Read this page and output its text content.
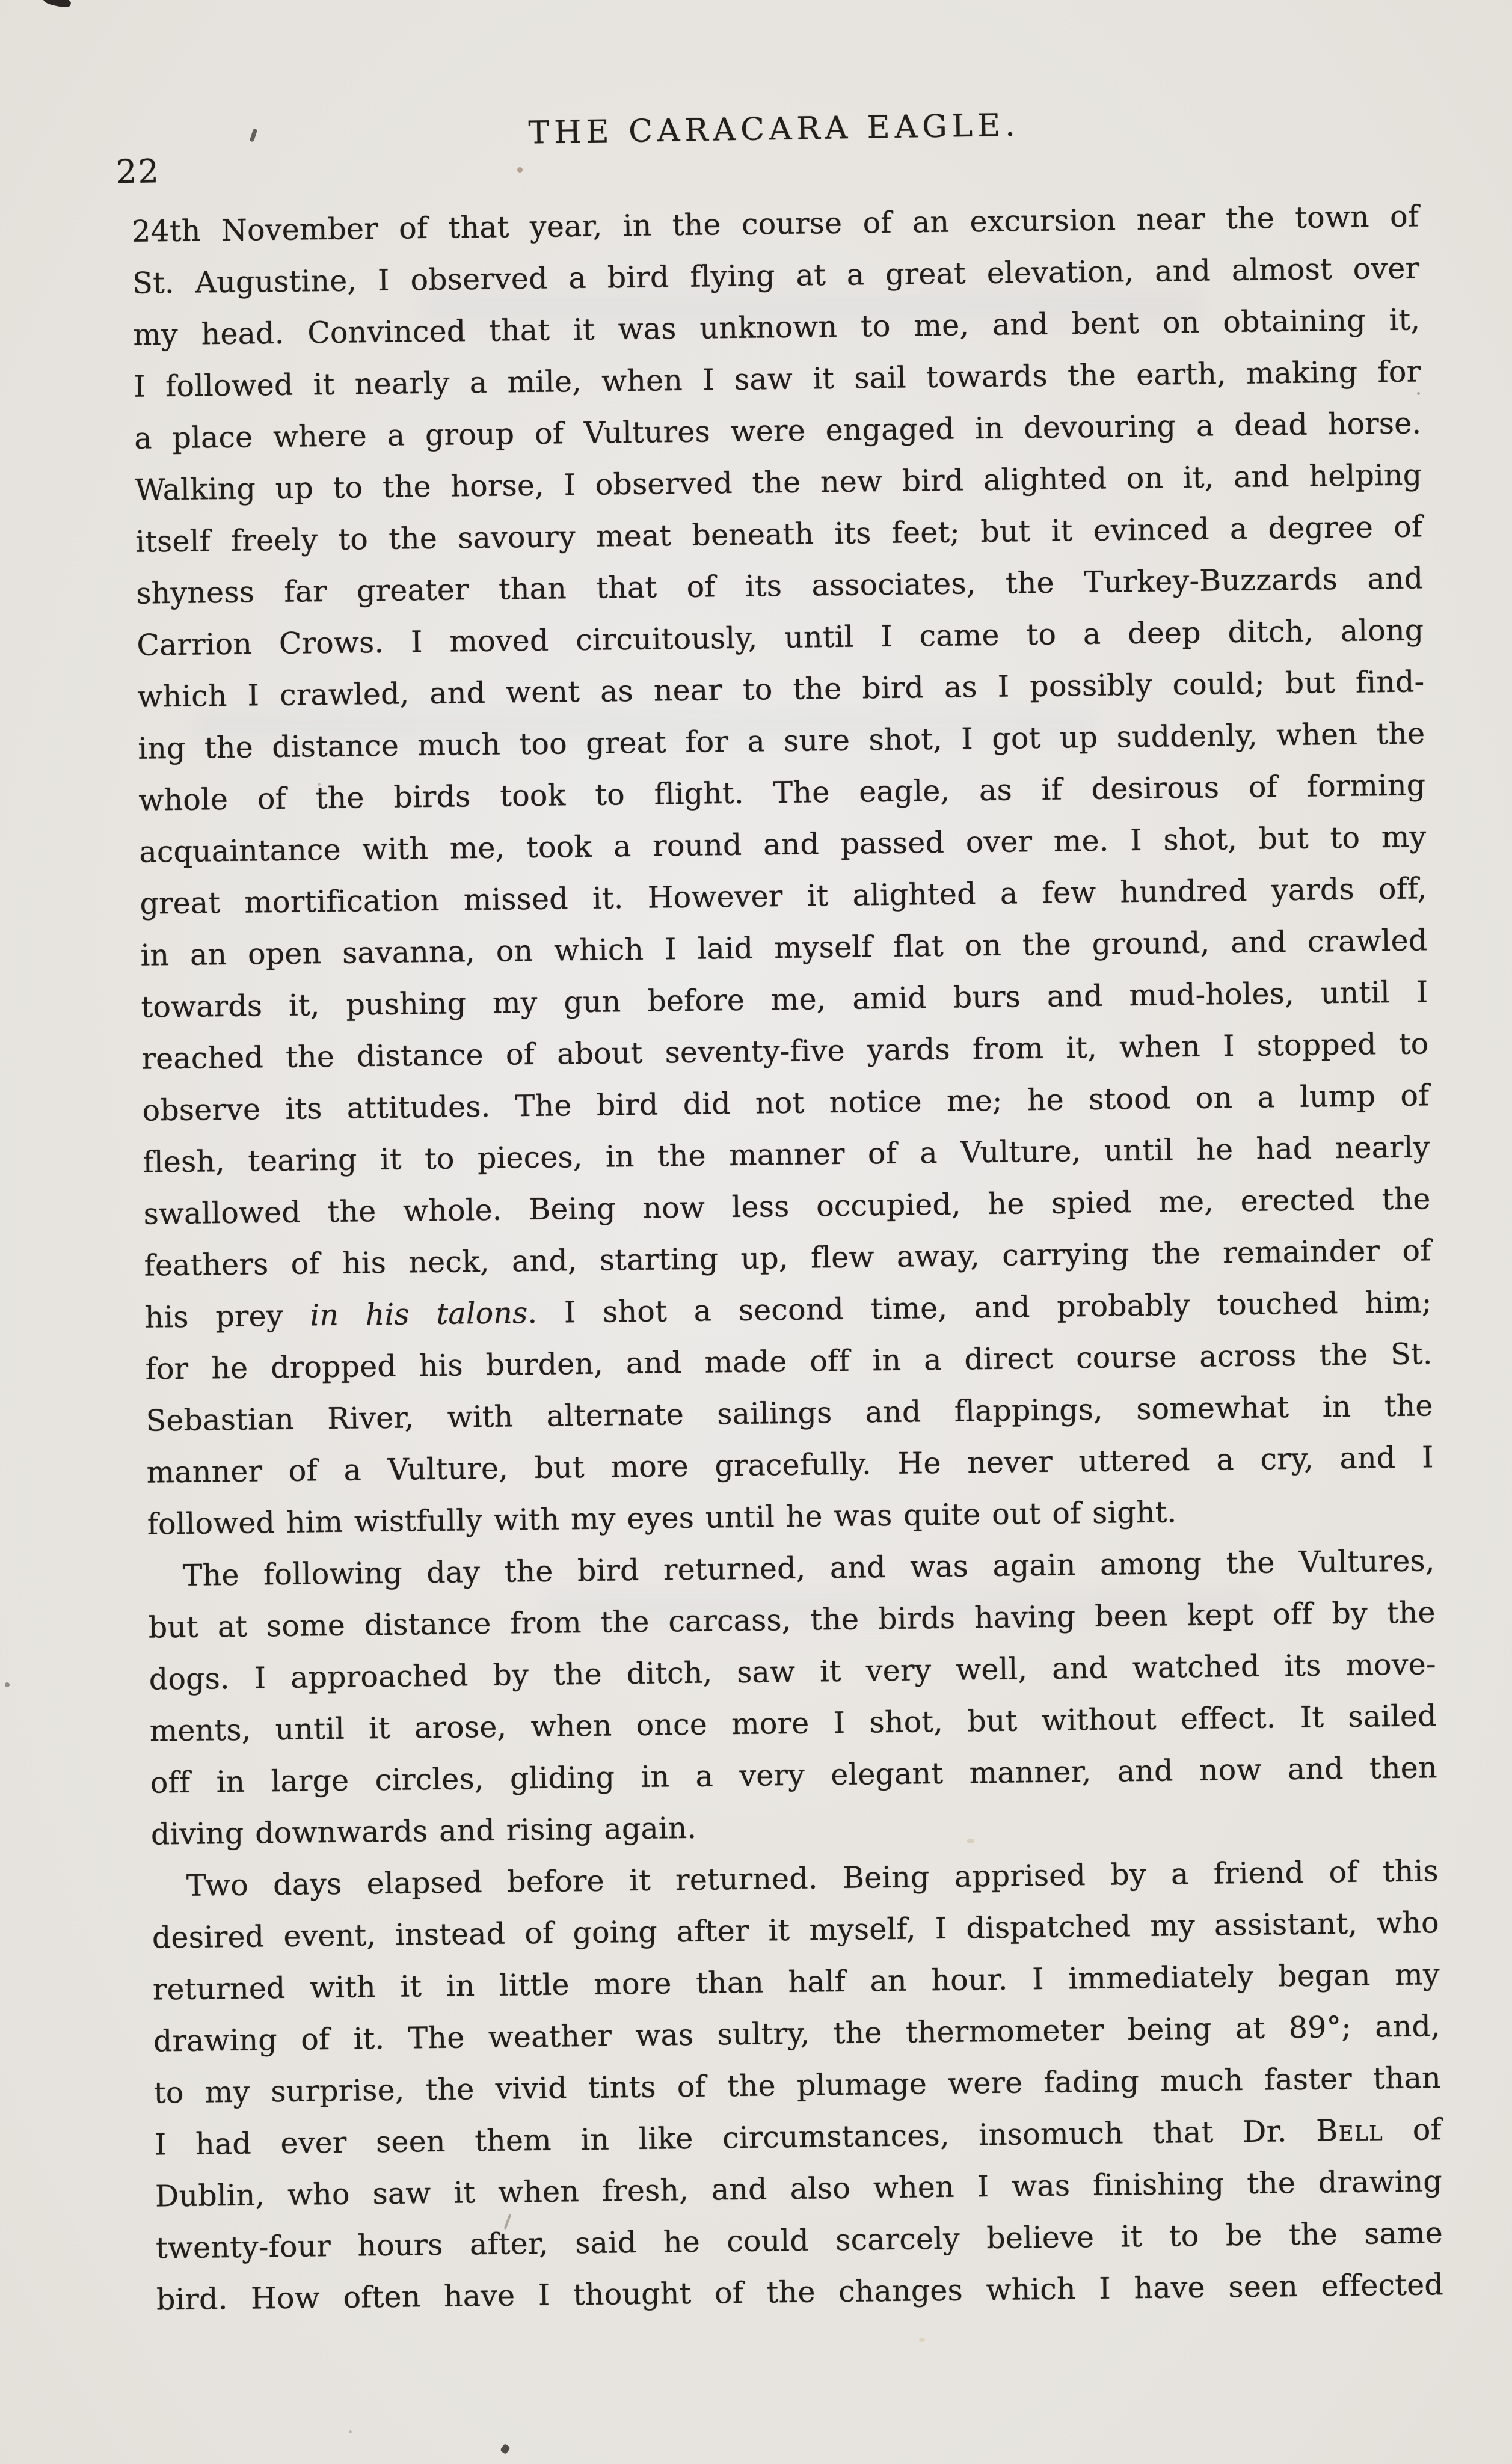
22
THE CARACARA EAGLE.
24th November of that year, in the course of an excursion near the town of
St. Augustine, I observed a bird flying at a great elevation, and almost over
my head. Convinced that it was unknown to me, and bent on obtaining it,
I followed it nearly a mile, when I saw it sail towards the earth, making for
a place where a group of Vultures were engaged in devouring a dead horse.
Walking up to the horse, I observed the new bird alighted on it, and helping
itself freely to the savoury meat beneath its feet; but it evinced a degree of
shyness far greater than that of its associates, the Turkey-Buzzards and
Carrion Crows. I moved circuitously, until I came to a deep ditch, along
which I crawled, and went as near to the bird as I possibly could; but find-
ing the distance much too great for a sure shot, I got up suddenly, when the
whole of the birds took to flight. The eagle, as if desirous of forming
acquaintance with me, took a round and passed over me. I shot, but to my
great mortification missed it. However it alighted a few hundred yards off,
in an open savanna, on which I laid myself flat on the ground, and crawled
towards it, pushing my gun before me, amid burs and mud-holes, until I
reached the distance of about seventy-five yards from it, when I stopped to
observe its attitudes. The bird did not notice me; he stood on a lump of
flesh, tearing it to pieces, in the manner of a Vulture, until he had nearly
swallowed the whole. Being now less occupied, he spied me, erected the
feathers of his neck, and, starting up, flew away, carrying the remainder of
his prey in his talons. I shot a second time, and probably touched him;
for he dropped his burden, and made off in a direct course across the St.
Sebastian River, with alternate sailings and flappings, somewhat in the
manner of a Vulture, but more gracefully. He never uttered a cry, and I
followed him wistfully with my eyes until he was quite out of sight.
The following day the bird returned, and was again among the Vultures,
but at some distance from the carcass, the birds having been kept off by the
dogs. I approached by the ditch, saw it very well, and watched its move-
ments, until it arose, when once more I shot, but without effect. It sailed
off in large circles, gliding in a very elegant manner, and now and then
diving downwards and rising again.
Two days elapsed before it returned. Being apprised by a friend of this
desired event, instead of going after it myself, I dispatched my assistant, who
returned with it in little more than half an hour. I immediately began my
drawing of it. The weather was sultry, the thermometer being at 89°; and,
to my surprise, the vivid tints of the plumage were fading much faster than
I had ever seen them in like circumstances, insomuch that Dr. Bell of
Dublin, who saw it when fresh, and also when I was finishing the drawing
twenty-four hours after, said he could scarcely believe it to be the same
bird. How often have I thought of the changes which I have seen effected
